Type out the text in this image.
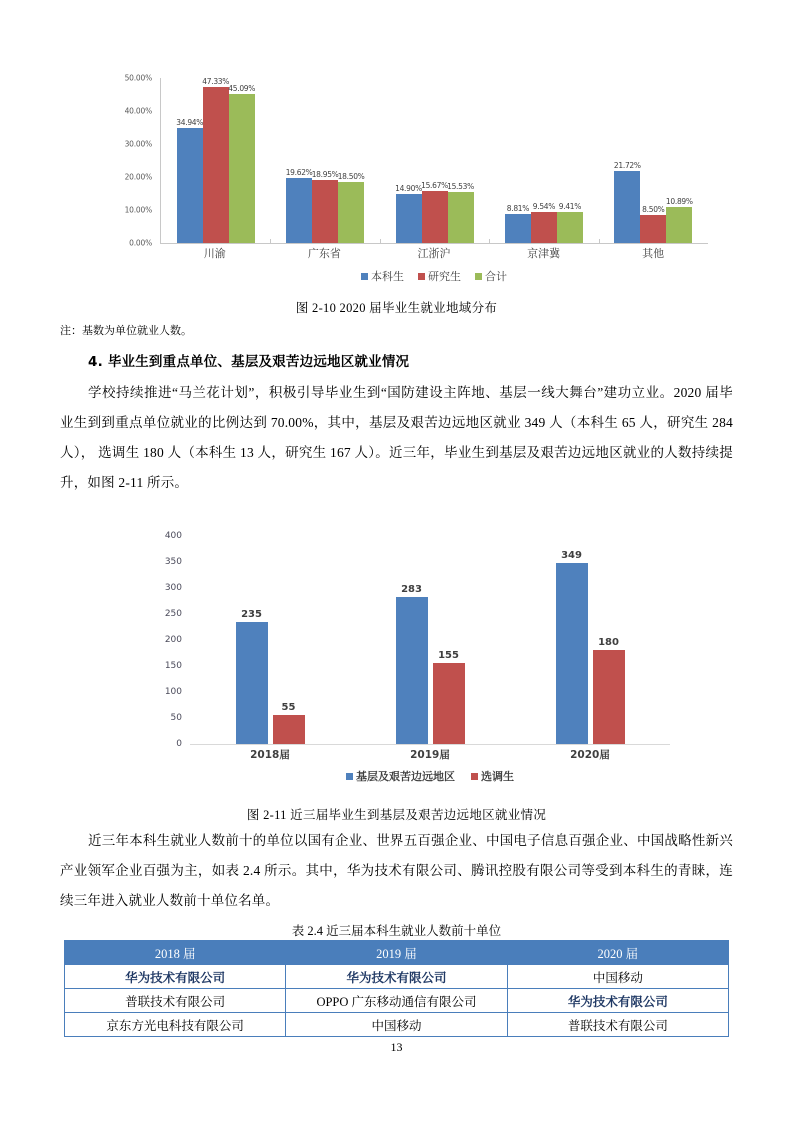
0.00%
10.00%
20.00%
30.00%
40.00%
50.00%
34.94%
47.33%
45.09%
19.62% 18.95% 18.50%
14.90% 15.67% 15.53%
8.81% 9.54% 9.41%
21.72%
8.50%
10.89%
川渝	广东省	江浙沪	京津冀	其他
本科生 研究生 合计
图 2-10 2020 届毕业生就业地域分布
注：基数为单位就业人数。
4. 毕业生到重点单位、基层及艰苦边远地区就业情况
学校持续推进“马兰花计划”，积极引导毕业生到“国防建设主阵地、基层一线大舞台”建功立业。2020 届毕业生到到重点单位就业的比例达到 70.00%，其中，基层及艰苦边远地区就业 349 人（本科生 65 人，研究生 284 人）， 选调生 180 人（本科生 13 人，研究生 167 人）。近三年，毕业生到基层及艰苦边远地区就业的人数持续提升，如图 2-11 所示。
0
50
100
150
200
250
300
350
400
235
55
283
155
349
180
2018届	2019届	2020届
基层及艰苦边远地区 选调生
图 2-11 近三届毕业生到基层及艰苦边远地区就业情况
近三年本科生就业人数前十的单位以国有企业、世界五百强企业、中国电子信息百强企业、中国战略性新兴产业领军企业百强为主，如表 2.4 所示。其中，华为技术有限公司、腾讯控股有限公司等受到本科生的青睐，连续三年进入就业人数前十单位名单。
表 2.4 近三届本科生就业人数前十单位
2018 届	2019 届	2020 届
华为技术有限公司	华为技术有限公司	中国移动
普联技术有限公司	OPPO 广东移动通信有限公司	华为技术有限公司
京东方光电科技有限公司	中国移动	普联技术有限公司
13
